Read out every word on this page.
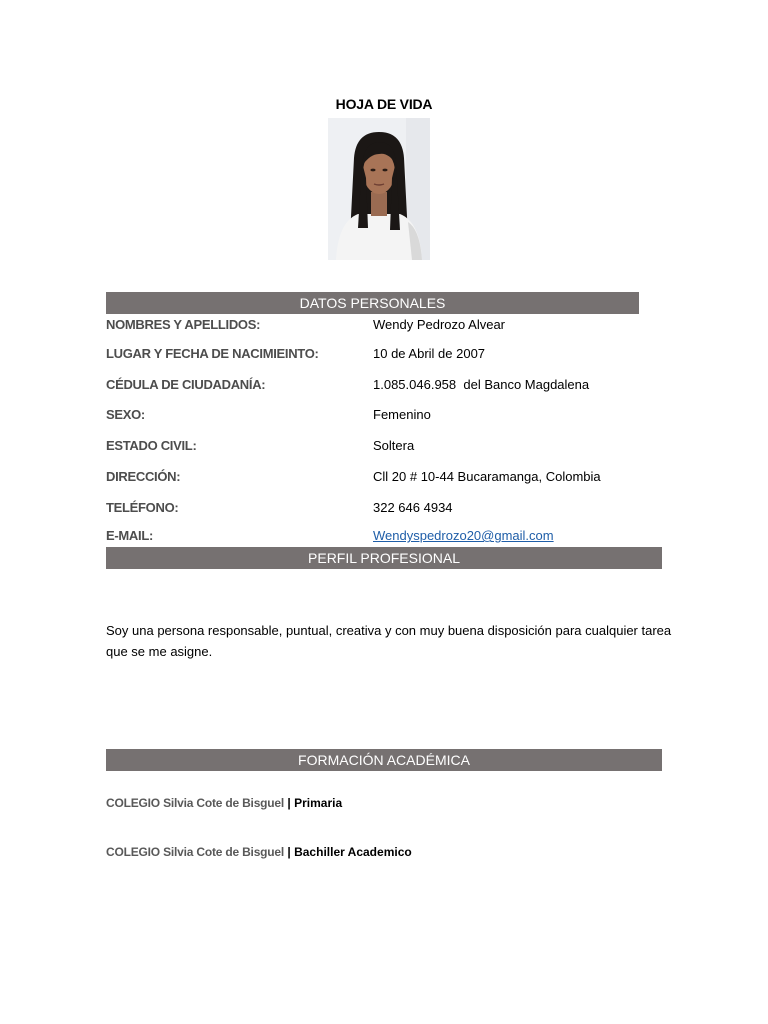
HOJA DE VIDA
DATOS PERSONALES
NOMBRES Y APELLIDOS:	Wendy Pedrozo Alvear
LUGAR Y FECHA DE NACIMIEINTO:	10 de Abril de 2007
CÉDULA DE CIUDADANÍA:	1.085.046.958  del Banco Magdalena
SEXO:	Femenino
ESTADO CIVIL:	Soltera
DIRECCIÓN:	Cll 20 # 10-44 Bucaramanga, Colombia
TELÉFONO:	322 646 4934
E-MAIL:	Wendyspedrozo20@gmail.com
PERFIL PROFESIONAL
Soy una persona responsable, puntual, creativa y con muy buena disposición para cualquier tarea que se me asigne.
FORMACIÓN ACADÉMICA
COLEGIO Silvia Cote de Bisguel | Primaria
COLEGIO Silvia Cote de Bisguel | Bachiller Academico
